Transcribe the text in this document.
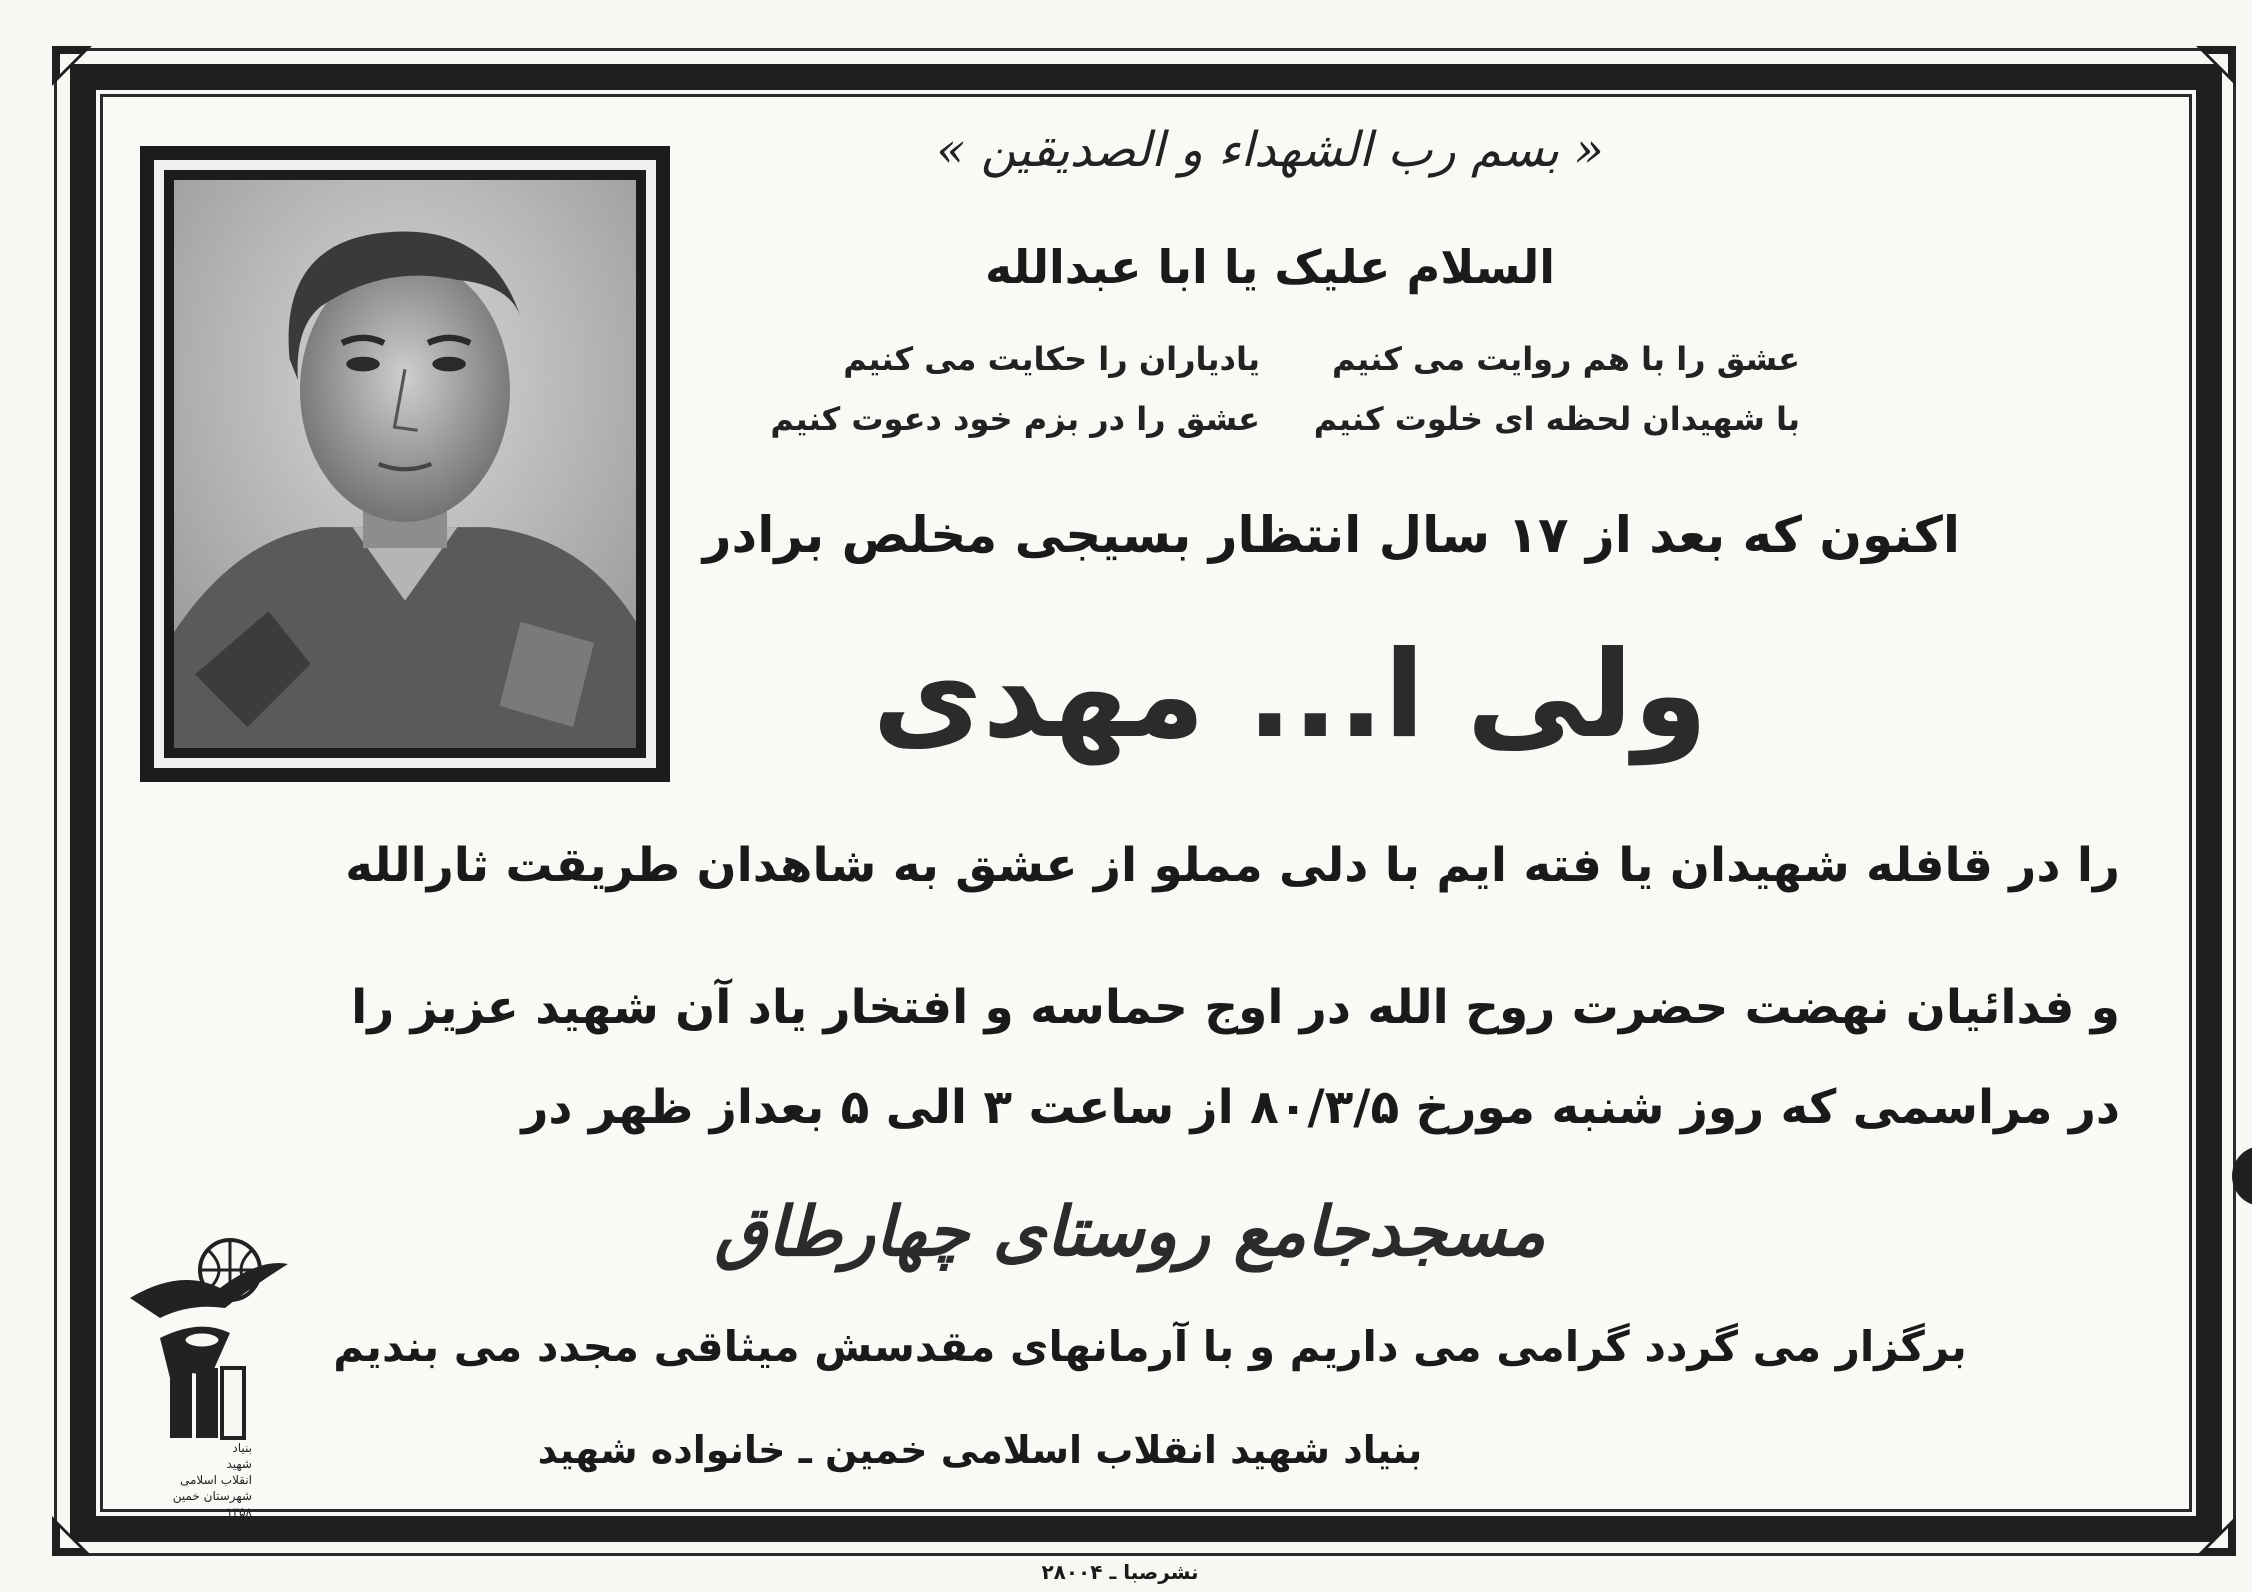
« بسم رب الشهداء و الصدیقین »
السلام علیک یا ابا عبدالله
عشق را با هم روایت می کنیم
یادیاران را حکایت می کنیم
با شهیدان لحظه ای خلوت کنیم
عشق را در بزم خود دعوت کنیم
اکنون که بعد از ۱۷ سال انتظار بسیجی مخلص برادر
ولی ا... مهدی
را در قافله شهیدان یا فته ایم با دلی مملو از عشق به شاهدان طریقت ثارالله
و فدائیان نهضت حضرت روح الله در اوج حماسه و افتخار یاد آن شهید عزیز را
در مراسمی که روز شنبه مورخ ۸۰/۳/۵ از ساعت ۳ الی ۵ بعداز ظهر در
مسجدجامع روستای چهارطاق
برگزار می گردد گرامی می داریم و با آرمانهای مقدسش میثاقی مجدد می بندیم
بنیاد شهید انقلاب اسلامی خمین ـ خانواده شهید
بنیاد
شهید
انقلاب اسلامی
شهرستان خمین
۱۳۵۸
نشرصبا ـ ۲۸۰۰۴
